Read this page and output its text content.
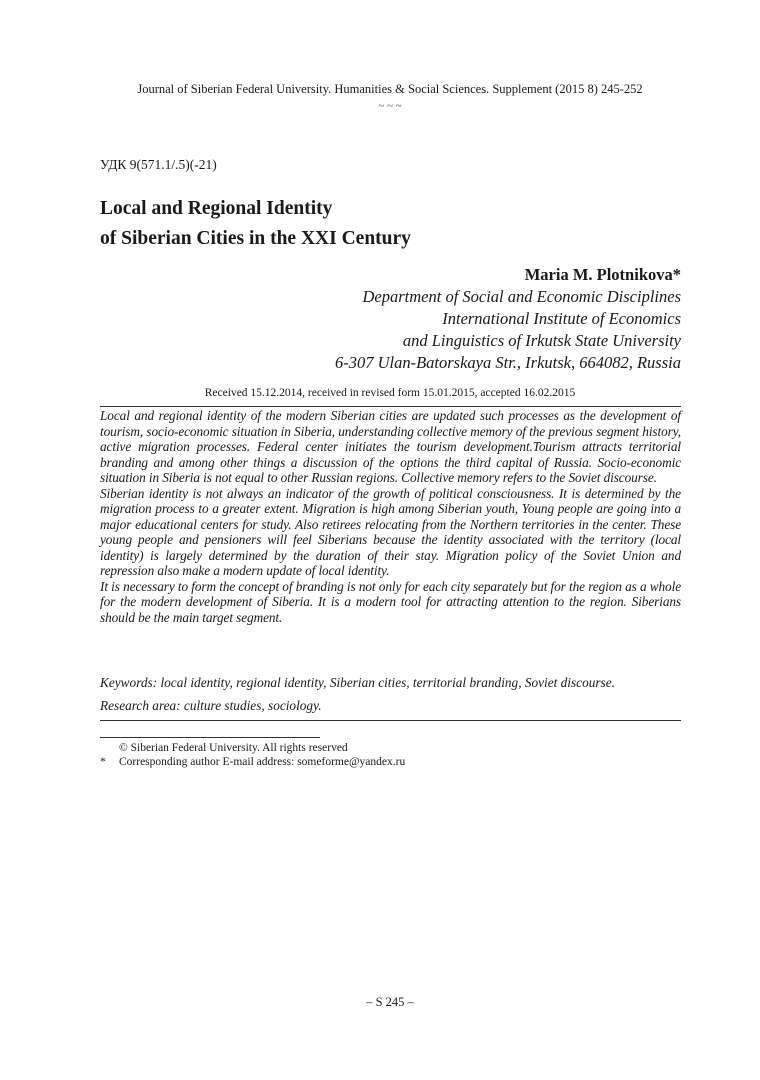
Journal of Siberian Federal University. Humanities & Social Sciences. Supplement (2015 8) 245-252
~ ~ ~
УДК 9(571.1/.5)(-21)
Local and Regional Identity
of Siberian Cities in the XXI Century
Maria M. Plotnikova*
Department of Social and Economic Disciplines
International Institute of Economics
and Linguistics of Irkutsk State University
6-307 Ulan-Batorskaya Str., Irkutsk, 664082, Russia
Received 15.12.2014, received in revised form 15.01.2015, accepted 16.02.2015

Local and regional identity of the modern Siberian cities are updated such processes as the development of tourism, socio-economic situation in Siberia, understanding collective memory of the previous segment history, active migration processes. Federal center initiates the tourism development.Tourism attracts territorial branding and among other things a discussion of the options the third capital of Russia. Socio-economic situation in Siberia is not equal to other Russian regions. Collective memory refers to the Soviet discourse.

Siberian identity is not always an indicator of the growth of political consciousness. It is determined by the migration process to a greater extent. Migration is high among Siberian youth, Young people are going into a major educational centers for study. Also retirees relocating from the Northern territories in the center. These young people and pensioners will feel Siberians because the identity associated with the territory (local identity) is largely determined by the duration of their stay. Migration policy of the Soviet Union and repression also make a modern update of local identity.

It is necessary to form the concept of branding is not only for each city separately but for the region as a whole for the modern development of Siberia. It is a modern tool for attracting attention to the region. Siberians should be the main target segment.

Keywords: local identity, regional identity, Siberian cities, territorial branding, Soviet discourse.
Research area: culture studies, sociology.
© Siberian Federal University. All rights reserved
* Corresponding author E-mail address: someforme@yandex.ru
– S 245 –
